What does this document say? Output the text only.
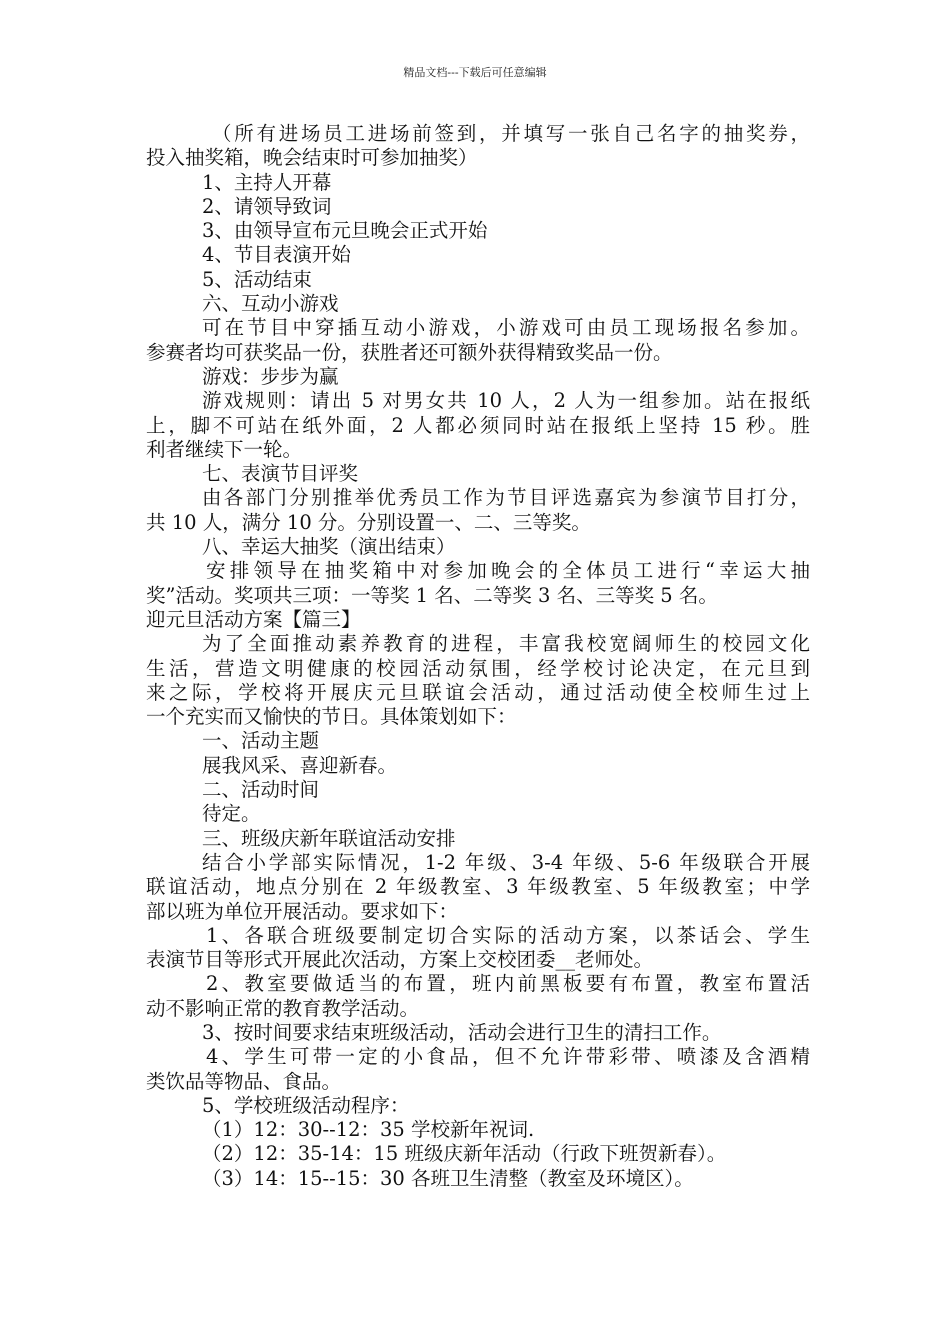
精品文档---下载后可任意编辑
（所有进场员工进场前签到，并填写一张自己名字的抽奖券，
投入抽奖箱，晚会结束时可参加抽奖）
1、主持人开幕
2、请领导致词
3、由领导宣布元旦晚会正式开始
4、节目表演开始
5、活动结束
六、互动小游戏
可在节目中穿插互动小游戏，小游戏可由员工现场报名参加。
参赛者均可获奖品一份，获胜者还可额外获得精致奖品一份。
游戏：步步为赢
游戏规则：请出 5 对男女共 10 人，2 人为一组参加。站在报纸
上，脚不可站在纸外面，2 人都必须同时站在报纸上坚持 15 秒。胜
利者继续下一轮。
七、表演节目评奖
由各部门分别推举优秀员工作为节目评选嘉宾为参演节目打分，
共 10 人，满分 10 分。分别设置一、二、三等奖。
八、幸运大抽奖（演出结束）
安排领导在抽奖箱中对参加晚会的全体员工进行“幸运大抽
奖”活动。奖项共三项：一等奖 1 名、二等奖 3 名、三等奖 5 名。
迎元旦活动方案【篇三】
为了全面推动素养教育的进程，丰富我校宽阔师生的校园文化
生活，营造文明健康的校园活动氛围，经学校讨论决定，在元旦到
来之际，学校将开展庆元旦联谊会活动，通过活动使全校师生过上
一个充实而又愉快的节日。具体策划如下：
一、活动主题
展我风采、喜迎新春。
二、活动时间
待定。
三、班级庆新年联谊活动安排
结合小学部实际情况，1-2 年级、3-4 年级、5-6 年级联合开展
联谊活动，地点分别在 2 年级教室、3 年级教室、5 年级教室；中学
部以班为单位开展活动。要求如下：
1、各联合班级要制定切合实际的活动方案，以茶话会、学生
表演节目等形式开展此次活动，方案上交校团委__老师处。
2、教室要做适当的布置，班内前黑板要有布置，教室布置活
动不影响正常的教育教学活动。
3、按时间要求结束班级活动，活动会进行卫生的清扫工作。
4、学生可带一定的小食品，但不允许带彩带、喷漆及含酒精
类饮品等物品、食品。
5、学校班级活动程序：
（1）12：30--12：35 学校新年祝词.
（2）12：35-14：15 班级庆新年活动（行政下班贺新春）。
（3）14：15--15：30 各班卫生清整（教室及环境区）。
